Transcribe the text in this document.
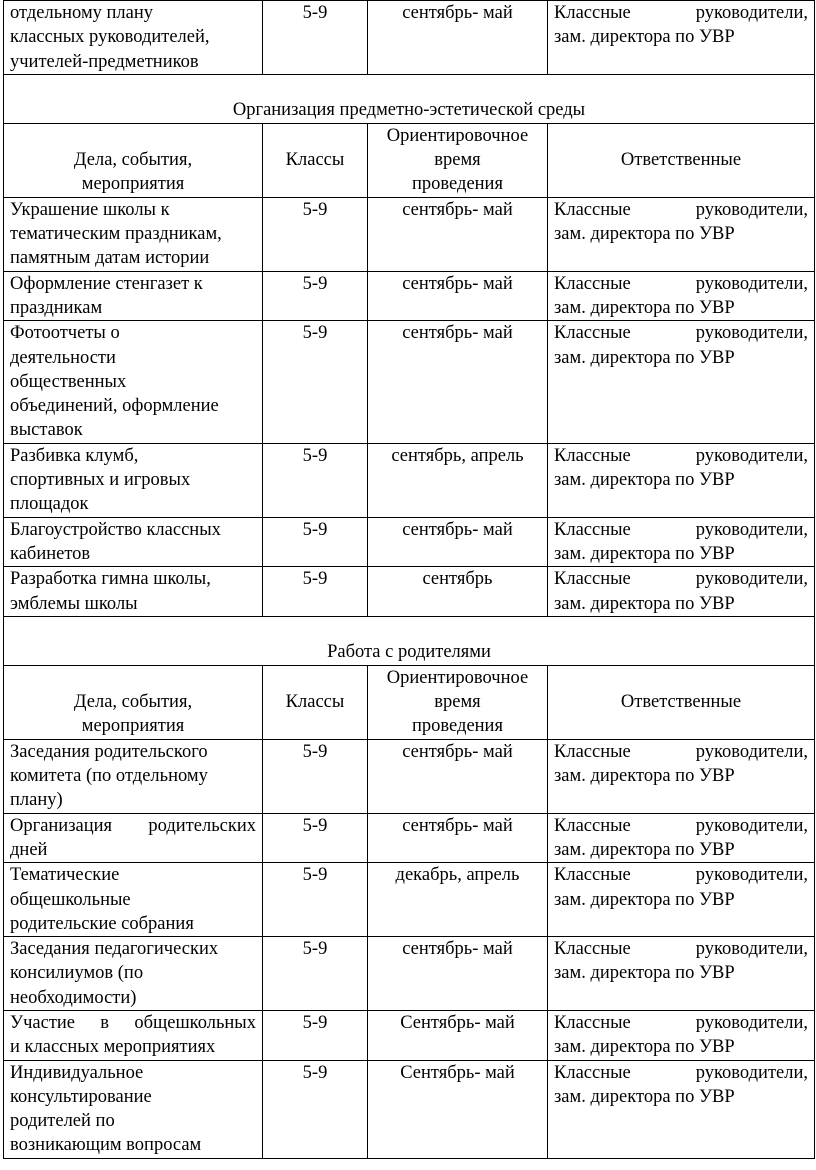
отдельному плану
классных руководителей,
учителей-предметников	5-9	сентябрь- май	Классные руководители,
зам. директора по УВР

Организация предметно-эстетической среды			

Дела, события,
мероприятия	Классы	Ориентировочное
время
проведения	Ответственные

Украшение школы к
тематическим праздникам,
памятным датам истории	5-9	сентябрь- май	Классные руководители,
зам. директора по УВР

Оформление стенгазет к
праздникам	5-9	сентябрь- май	Классные руководители,
зам. директора по УВР

Фотоотчеты о
деятельности
общественных
объединений, оформление
выставок	5-9	сентябрь- май	Классные руководители,
зам. директора по УВР

Разбивка клумб,
спортивных и игровых
площадок	5-9	сентябрь, апрель	Классные руководители,
зам. директора по УВР

Благоустройство классных
кабинетов	5-9	сентябрь- май	Классные руководители,
зам. директора по УВР

Разработка гимна школы,
эмблемы школы	5-9	сентябрь	Классные руководители,
зам. директора по УВР

Работа с родителями			

Дела, события,
мероприятия	Классы	Ориентировочное
время
проведения	Ответственные

Заседания родительского
комитета (по отдельному
плану)	5-9	сентябрь- май	Классные руководители,
зам. директора по УВР

Организация родительских
дней	5-9	сентябрь- май	Классные руководители,
зам. директора по УВР

Тематические
общешкольные
родительские собрания	5-9	декабрь, апрель	Классные руководители,
зам. директора по УВР

Заседания педагогических
консилиумов (по
необходимости)	5-9	сентябрь- май	Классные руководители,
зам. директора по УВР

Участие в общешкольных
и классных мероприятиях	5-9	Сентябрь- май	Классные руководители,
зам. директора по УВР

Индивидуальное
консультирование
родителей по
возникающим вопросам	5-9	Сентябрь- май	Классные руководители,
зам. директора по УВР
